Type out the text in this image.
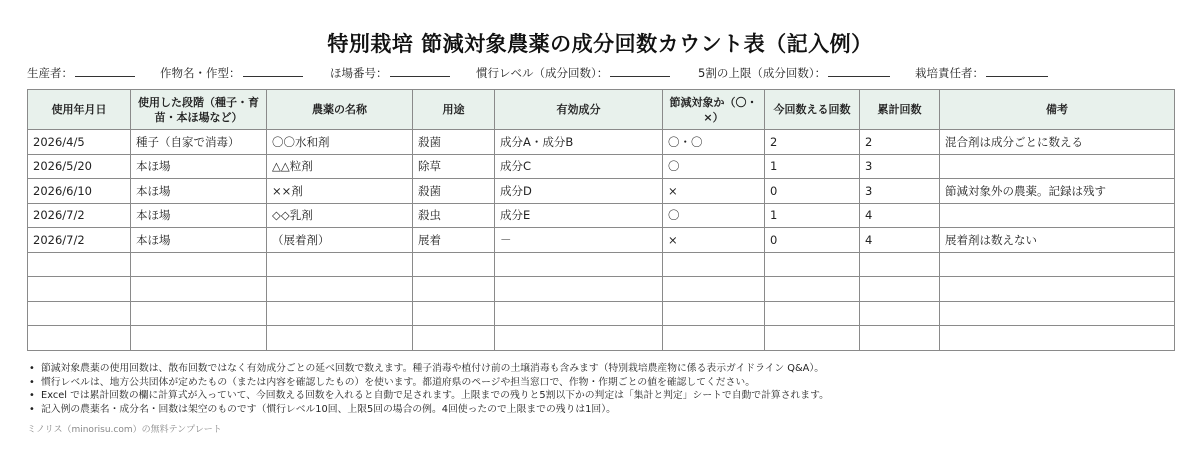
特別栽培 節減対象農薬の成分回数カウント表（記入例）
生産者：	作物名・作型：	ほ場番号：	慣行レベル（成分回数）：	5割の上限（成分回数）：	栽培責任者：
使用年月日	使用した段階（種子・育苗・本ほ場など）	農薬の名称	用途	有効成分	節減対象か（〇・×）	今回数える回数	累計回数	備考
2026/4/5	種子（自家で消毒）	〇〇水和剤	殺菌	成分A・成分B	〇・〇	2	2	混合剤は成分ごとに数える
2026/5/20	本ほ場	△△粒剤	除草	成分C	〇	1	3	
2026/6/10	本ほ場	××剤	殺菌	成分D	×	0	3	節減対象外の農薬。記録は残す
2026/7/2	本ほ場	◇◇乳剤	殺虫	成分E	〇	1	4	
2026/7/2	本ほ場	（展着剤）	展着	－	×	0	4	展着剤は数えない

• 節減対象農薬の使用回数は、散布回数ではなく有効成分ごとの延べ回数で数えます。種子消毒や植付け前の土壌消毒も含みます（特別栽培農産物に係る表示ガイドライン Q&A）。
• 慣行レベルは、地方公共団体が定めたもの（または内容を確認したもの）を使います。都道府県のページや担当窓口で、作物・作期ごとの値を確認してください。
• Excel では累計回数の欄に計算式が入っていて、今回数える回数を入れると自動で足されます。上限までの残りと5割以下かの判定は「集計と判定」シートで自動で計算されます。
• 記入例の農薬名・成分名・回数は架空のものです（慣行レベル10回、上限5回の場合の例。4回使ったので上限までの残りは1回）。
ミノリス（minorisu.com）の無料テンプレート
